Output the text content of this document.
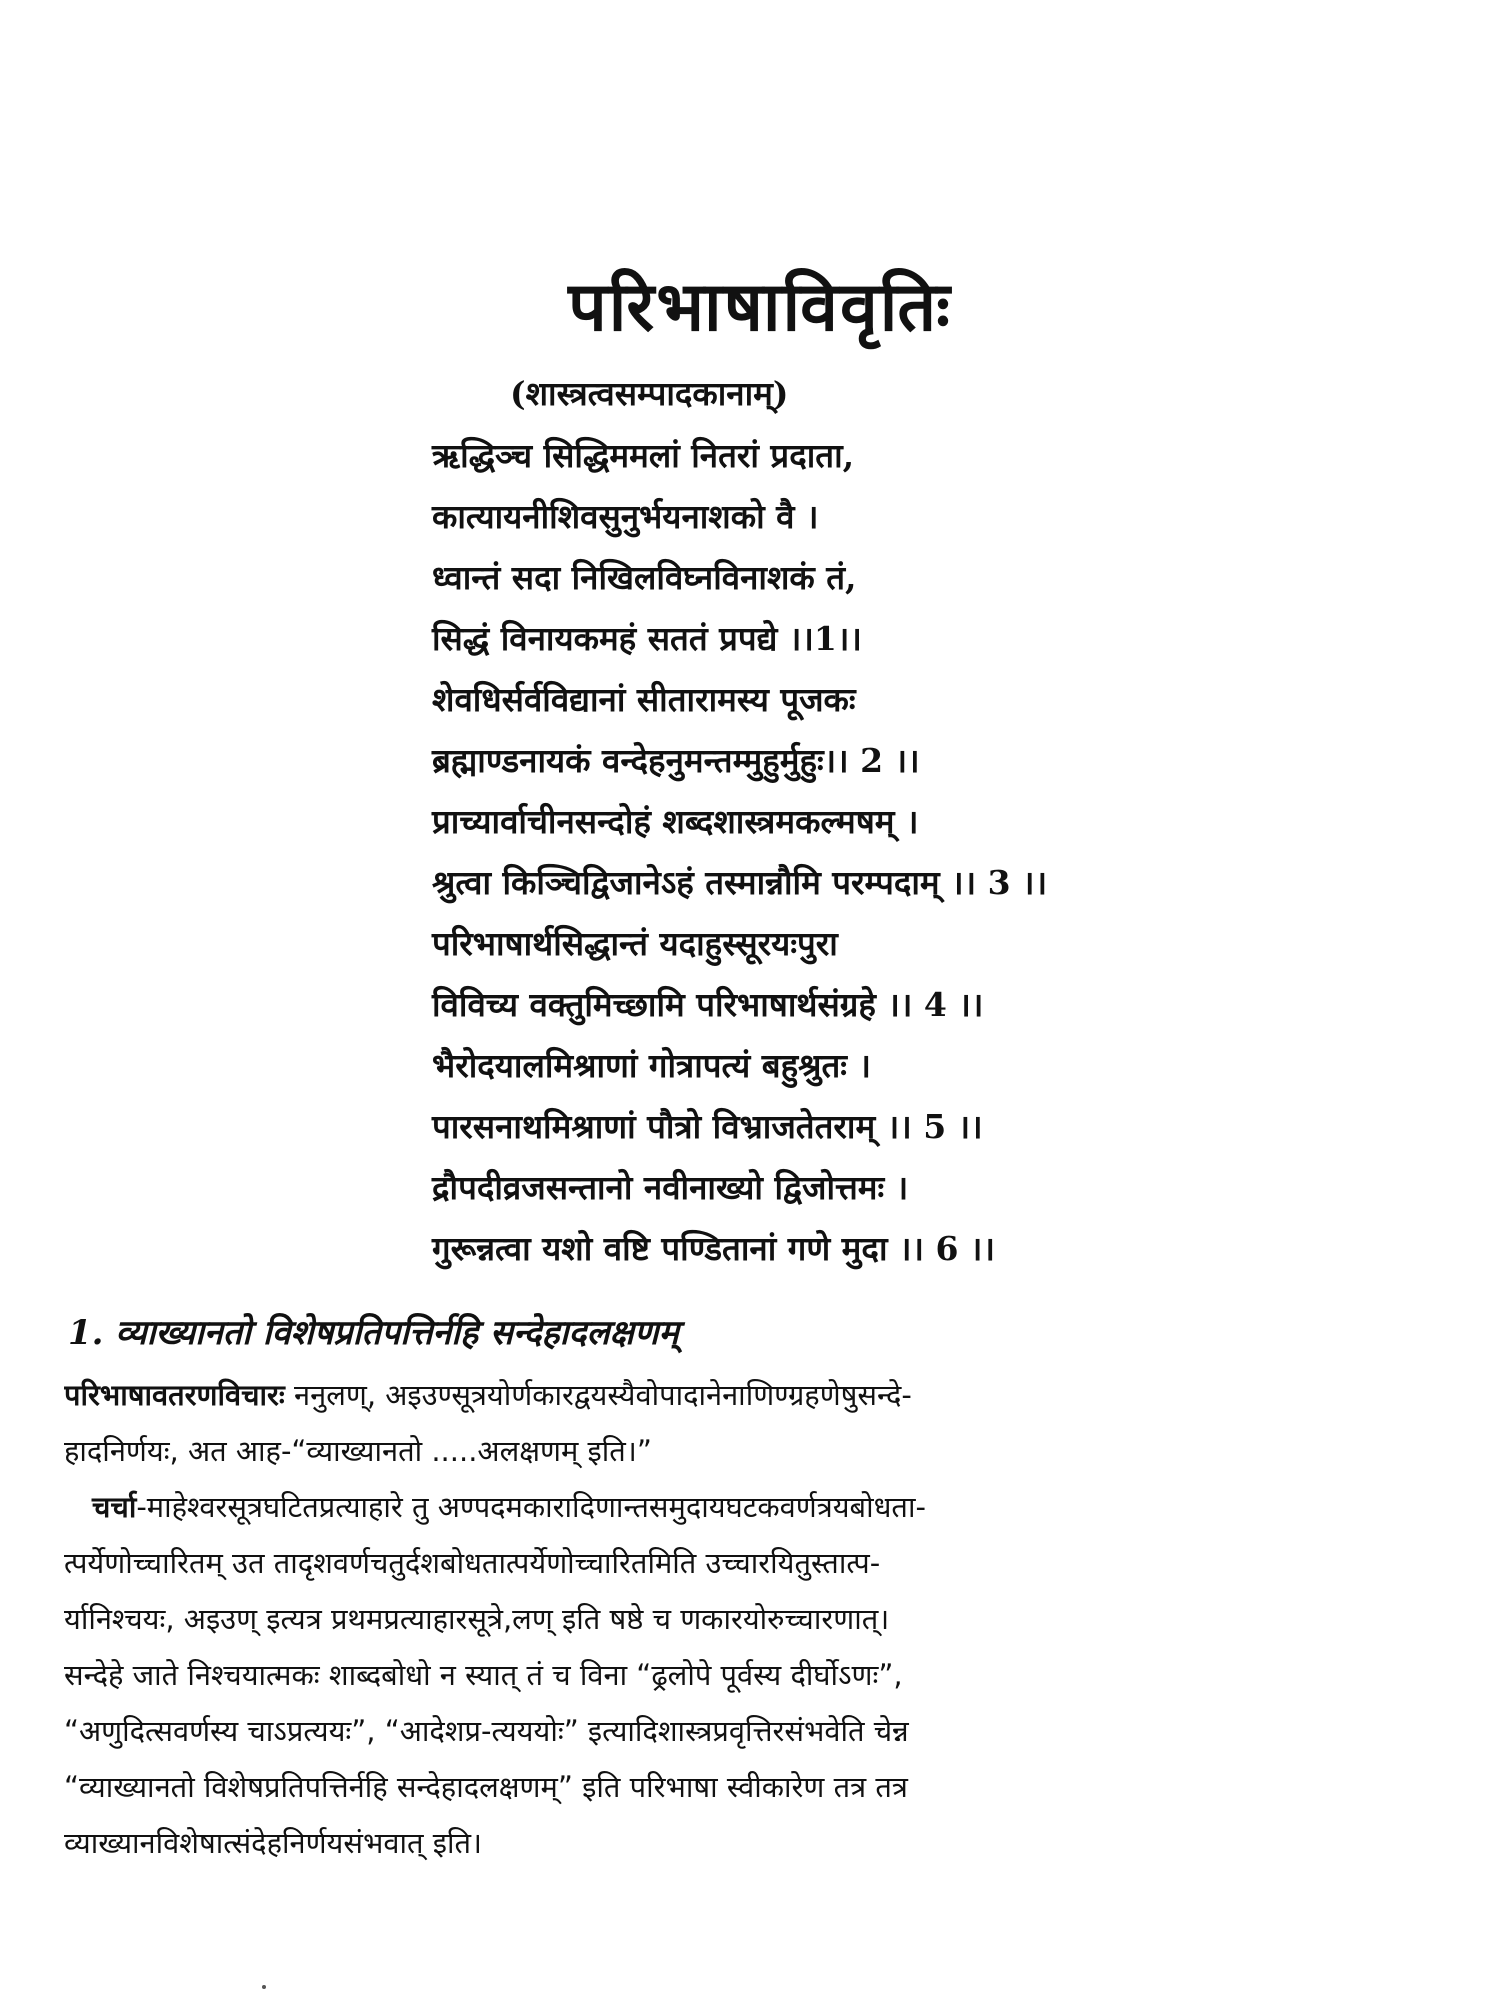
परिभाषाविवृतिः
(शास्त्रत्वसम्पादकानाम्)
ऋद्धिञ्च सिद्धिममलां नितरां प्रदाता,
कात्यायनीशिवसुनुर्भयनाशको वै ।
ध्वान्तं सदा निखिलविघ्नविनाशकं तं,
सिद्धं विनायकमहं सततं प्रपद्ये ।।1।।
शेवधिर्सर्वविद्यानां सीतारामस्य पूजकः
ब्रह्माण्डनायकं वन्देहनुमन्तम्मुहुर्मुहुः।। 2 ।।
प्राच्यार्वाचीनसन्दोहं शब्दशास्त्रमकल्मषम् ।
श्रुत्वा किञ्चिद्विजानेऽहं तस्मान्नौमि परम्पदाम् ।। 3 ।।
परिभाषार्थसिद्धान्तं यदाहुस्सूरयःपुरा
विविच्य वक्तुमिच्छामि परिभाषार्थसंग्रहे ।। 4 ।।
भैरोदयालमिश्राणां गोत्रापत्यं बहुश्रुतः ।
पारसनाथमिश्राणां पौत्रो विभ्राजतेतराम् ।। 5 ।।
द्रौपदीव्रजसन्तानो नवीनाख्यो द्विजोत्तमः ।
गुरून्नत्वा यशो वष्टि पण्डितानां गणे मुदा ।। 6 ।।
1. व्याख्यानतो विशेषप्रतिपत्तिर्नहि सन्देहादलक्षणम्
परिभाषावतरणविचारः ननुलण्, अइउण्सूत्रयोर्णकारद्वयस्यैवोपादानेनाणिण्ग्रहणेषुसन्दे-
हादनिर्णयः, अत आह-“व्याख्यानतो .....अलक्षणम् इति।”
चर्चा-माहेश्वरसूत्रघटितप्रत्याहारे तु अण्पदमकारादिणान्तसमुदायघटकवर्णत्रयबोधता-
त्पर्येणोच्चारितम् उत तादृशवर्णचतुर्दशबोधतात्पर्येणोच्चारितमिति उच्चारयितुस्तात्प-
र्यानिश्चयः, अइउण् इत्यत्र प्रथमप्रत्याहारसूत्रे,लण् इति षष्ठे च णकारयोरुच्चारणात्।
सन्देहे जाते निश्चयात्मकः शाब्दबोधो न स्यात् तं च विना “ढ्रलोपे पूर्वस्य दीर्घोऽणः”,
“अणुदित्सवर्णस्य चाऽप्रत्ययः”, “आदेशप्र-त्यययोः” इत्यादिशास्त्रप्रवृत्तिरसंभवेति चेन्न
“व्याख्यानतो विशेषप्रतिपत्तिर्नहि सन्देहादलक्षणम्” इति परिभाषा स्वीकारेण तत्र तत्र
व्याख्यानविशेषात्संदेहनिर्णयसंभवात् इति।
